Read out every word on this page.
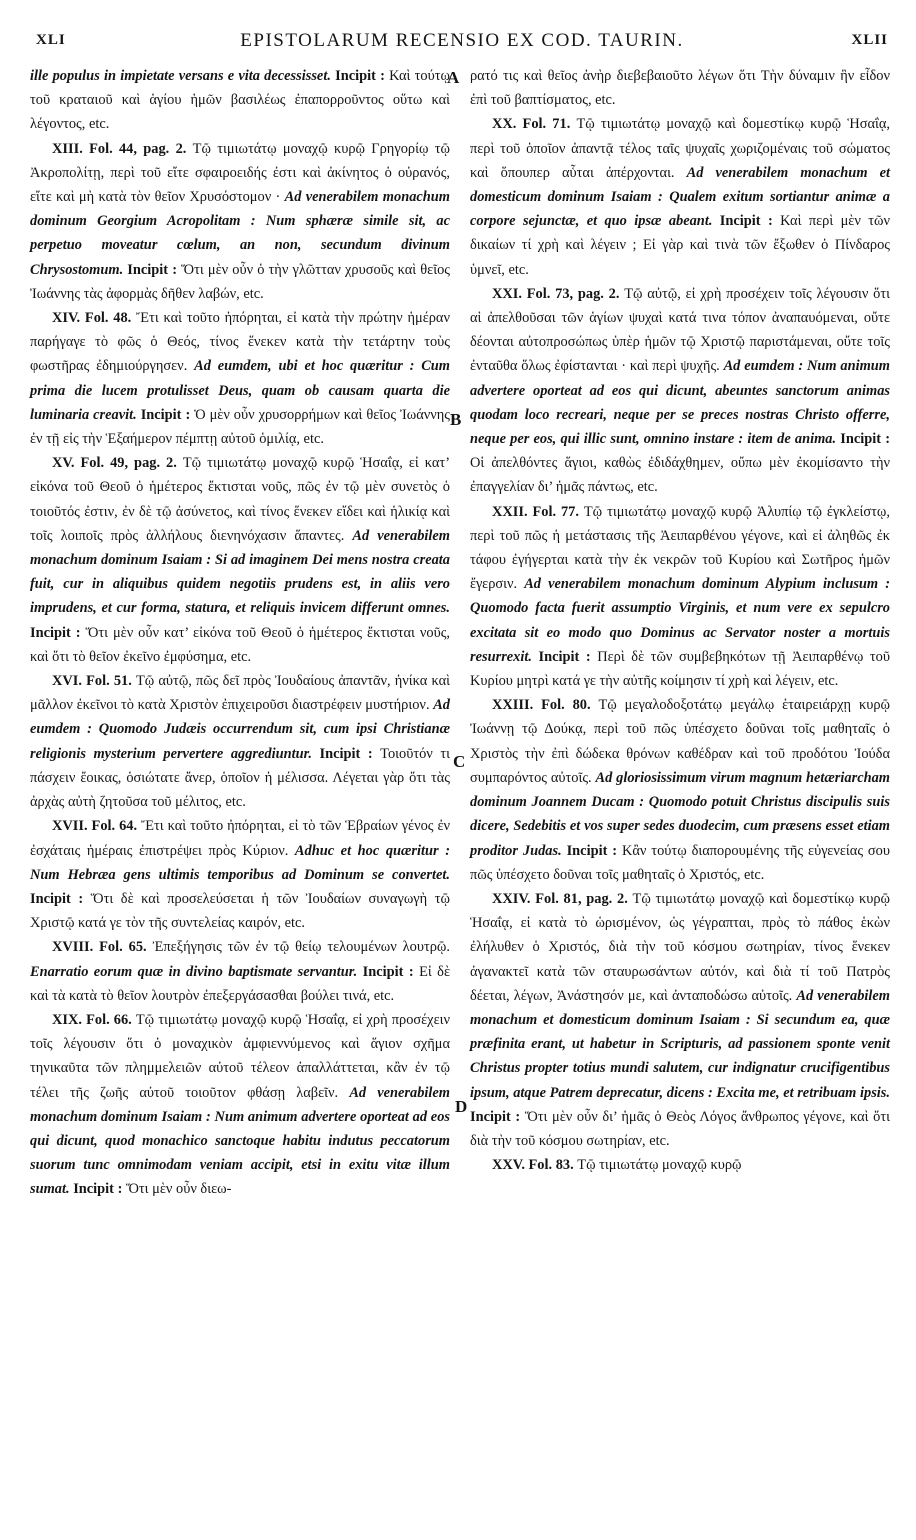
XLI	EPISTOLARUM RECENSIO EX COD. TAURIN.	XLII

ille populus in impietate versans e vita decessisset. Incipit : Καὶ τούτῳ τοῦ κραταιοῦ καὶ ἁγίου ἡμῶν βασιλέως ἐπαπορροῦντος οὕτω καὶ λέγοντος, etc.

XIII. Fol. 44, pag. 2. Τῷ τιμιωτάτῳ μοναχῷ κυρῷ Γρηγορίῳ τῷ Ἀκροπολίτῃ, περὶ τοῦ εἴτε σφαιροειδής ἐστι καὶ ἀκίνητος ὁ οὐρανός, εἴτε καὶ μὴ κατὰ τὸν θεῖον Χρυσόστομον · Ad venerabilem monachum dominum Georgium Acropolitam : Num sphæræ simile sit, ac perpetuo moveatur cœlum, an non, secundum divinum Chrysostomum. Incipit : Ὅτι μὲν οὖν ὁ τὴν γλῶτταν χρυσοῦς καὶ θεῖος Ἰωάννης τὰς ἀφορμὰς δῆθεν λαβών, etc.

XIV. Fol. 48. Ἔτι καὶ τοῦτο ἠπόρηται, εἰ κατὰ τὴν πρώτην ἡμέραν παρήγαγε τὸ φῶς ὁ Θεός, τίνος ἕνεκεν κατὰ τὴν τετάρτην τοὺς φωστῆρας ἐδημιούργησεν. Ad eumdem, ubi et hoc quæritur : Cum prima die lucem protulisset Deus, quam ob causam quarta die luminaria creavit. Incipit : Ὁ μὲν οὖν χρυσορρήμων καὶ θεῖος Ἰωάννης ἐν τῇ εἰς τὴν Ἑξαήμερον πέμπτῃ αὐτοῦ ὁμιλίᾳ, etc.

XV. Fol. 49, pag. 2. Τῷ τιμιωτάτῳ μοναχῷ κυρῷ Ἡσαΐᾳ, εἰ κατ’ εἰκόνα τοῦ Θεοῦ ὁ ἡμέτερος ἔκτισται νοῦς, πῶς ἐν τῷ μὲν συνετὸς ὁ τοιοῦτός ἐστιν, ἐν δὲ τῷ ἀσύνετος, καὶ τίνος ἕνεκεν εἴδει καὶ ἡλικίᾳ καὶ τοῖς λοιποῖς πρὸς ἀλλήλους διενηνόχασιν ἅπαντες. Ad venerabilem monachum dominum Isaiam : Si ad imaginem Dei mens nostra creata fuit, cur in aliquibus quidem negotiis prudens est, in aliis vero imprudens, et cur forma, statura, et reliquis invicem differunt omnes. Incipit : Ὅτι μὲν οὖν κατ’ εἰκόνα τοῦ Θεοῦ ὁ ἡμέτερος ἔκτισται νοῦς, καὶ ὅτι τὸ θεῖον ἐκεῖνο ἐμφύσημα, etc.

XVI. Fol. 51. Τῷ αὐτῷ, πῶς δεῖ πρὸς Ἰουδαίους ἀπαντᾶν, ἡνίκα καὶ μᾶλλον ἐκεῖνοι τὸ κατὰ Χριστὸν ἐπιχειροῦσι διαστρέφειν μυστήριον. Ad eumdem : Quomodo Judæis occurrendum sit, cum ipsi Christianæ religionis mysterium pervertere aggrediuntur. Incipit : Τοιοῦτόν τι πάσχειν ἔοικας, ὁσιώτατε ἄνερ, ὁποῖον ἡ μέλισσα. Λέγεται γὰρ ὅτι τὰς ἀρχὰς αὐτὴ ζητοῦσα τοῦ μέλιτος, etc.

XVII. Fol. 64. Ἔτι καὶ τοῦτο ἠπόρηται, εἰ τὸ τῶν Ἑβραίων γένος ἐν ἐσχάταις ἡμέραις ἐπιστρέψει πρὸς Κύριον. Adhuc et hoc quæritur : Num Hebræa gens ultimis temporibus ad Dominum se convertet. Incipit : Ὅτι δὲ καὶ προσελεύσεται ἡ τῶν Ἰουδαίων συναγωγὴ τῷ Χριστῷ κατά γε τὸν τῆς συντελείας καιρόν, etc.

XVIII. Fol. 65. Ἐπεξήγησις τῶν ἐν τῷ θείῳ τελουμένων λουτρῷ. Enarratio eorum quæ in divino baptismate servantur. Incipit : Εἰ δὲ καὶ τὰ κατὰ τὸ θεῖον λουτρὸν ἐπεξεργάσασθαι βούλει τινά, etc.

XIX. Fol. 66. Τῷ τιμιωτάτῳ μοναχῷ κυρῷ Ἡσαΐᾳ, εἰ χρὴ προσέχειν τοῖς λέγουσιν ὅτι ὁ μοναχικὸν ἀμφιεννύμενος καὶ ἅγιον σχῆμα τηνικαῦτα τῶν πλημμελειῶν αὐτοῦ τέλεον ἀπαλλάττεται, κἂν ἐν τῷ τέλει τῆς ζωῆς αὐτοῦ τοιοῦτον φθάσῃ λαβεῖν. Ad venerabilem monachum dominum Isaiam : Num animum advertere oporteat ad eos qui dicunt, quod monachico sanctoque habitu indutus peccatorum suorum tunc omnimodam veniam accipit, etsi in exitu vitæ illum sumat. Incipit : Ὅτι μὲν οὖν διεω-

ρατό τις καὶ θεῖος ἀνὴρ διεβεβαιοῦτο λέγων ὅτι Τὴν δύναμιν ἣν εἶδον ἐπὶ τοῦ βαπτίσματος, etc.

XX. Fol. 71. Τῷ τιμιωτάτῳ μοναχῷ καὶ δομεστίκῳ κυρῷ Ἡσαΐᾳ, περὶ τοῦ ὁποῖον ἀπαντᾷ τέλος ταῖς ψυχαῖς χωριζομέναις τοῦ σώματος καὶ ὅπουπερ αὗται ἀπέρχονται. Ad venerabilem monachum et domesticum dominum Isaiam : Qualem exitum sortiantur animæ a corpore sejunctæ, et quo ipsæ abeant. Incipit : Καὶ περὶ μὲν τῶν δικαίων τί χρὴ καὶ λέγειν ; Εἰ γὰρ καὶ τινὰ τῶν ἔξωθεν ὁ Πίνδαρος ὑμνεῖ, etc.

XXI. Fol. 73, pag. 2. Τῷ αὐτῷ, εἰ χρὴ προσέχειν τοῖς λέγουσιν ὅτι αἱ ἀπελθοῦσαι τῶν ἁγίων ψυχαὶ κατά τινα τόπον ἀναπαυόμεναι, οὔτε δέονται αὐτοπροσώπως ὑπὲρ ἡμῶν τῷ Χριστῷ παριστάμεναι, οὔτε τοῖς ἐνταῦθα ὅλως ἐφίστανται · καὶ περὶ ψυχῆς. Ad eumdem : Num animum advertere oporteat ad eos qui dicunt, abeuntes sanctorum animas quodam loco recreari, neque per se preces nostras Christo offerre, neque per eos, qui illic sunt, omnino instare : item de anima. Incipit : Οἱ ἀπελθόντες ἅγιοι, καθὼς ἐδιδάχθημεν, οὔπω μὲν ἐκομίσαντο τὴν ἐπαγγελίαν δι’ ἡμᾶς πάντως, etc.

XXII. Fol. 77. Τῷ τιμιωτάτῳ μοναχῷ κυρῷ Ἀλυπίῳ τῷ ἐγκλείστῳ, περὶ τοῦ πῶς ἡ μετάστασις τῆς Ἀειπαρθένου γέγονε, καὶ εἰ ἀληθῶς ἐκ τάφου ἐγήγερται κατὰ τὴν ἐκ νεκρῶν τοῦ Κυρίου καὶ Σωτῆρος ἡμῶν ἔγερσιν. Ad venerabilem monachum dominum Alypium inclusum : Quomodo facta fuerit assumptio Virginis, et num vere ex sepulcro excitata sit eo modo quo Dominus ac Servator noster a mortuis resurrexit. Incipit : Περὶ δὲ τῶν συμβεβηκότων τῇ Ἀειπαρθένῳ τοῦ Κυρίου μητρὶ κατά γε τὴν αὐτῆς κοίμησιν τί χρὴ καὶ λέγειν, etc.

XXIII. Fol. 80. Τῷ μεγαλοδοξοτάτῳ μεγάλῳ ἑταιρειάρχῃ κυρῷ Ἰωάννῃ τῷ Δούκᾳ, περὶ τοῦ πῶς ὑπέσχετο δοῦναι τοῖς μαθηταῖς ὁ Χριστὸς τὴν ἐπὶ δώδεκα θρόνων καθέδραν καὶ τοῦ προδότου Ἰούδα συμπαρόντος αὐτοῖς. Ad gloriosissimum virum magnum hetæriarcham dominum Joannem Ducam : Quomodo potuit Christus discipulis suis dicere, Sedebitis et vos super sedes duodecim, cum præsens esset etiam proditor Judas. Incipit : Κἂν τούτῳ διαπορουμένης τῆς εὐγενείας σου πῶς ὑπέσχετο δοῦναι τοῖς μαθηταῖς ὁ Χριστός, etc.

XXIV. Fol. 81, pag. 2. Τῷ τιμιωτάτῳ μοναχῷ καὶ δομεστίκῳ κυρῷ Ἡσαΐᾳ, εἰ κατὰ τὸ ὡρισμένον, ὡς γέγραπται, πρὸς τὸ πάθος ἑκὼν ἐλήλυθεν ὁ Χριστός, διὰ τὴν τοῦ κόσμου σωτηρίαν, τίνος ἕνεκεν ἀγανακτεῖ κατὰ τῶν σταυρωσάντων αὐτόν, καὶ διὰ τί τοῦ Πατρὸς δέεται, λέγων, Ἀνάστησόν με, καὶ ἀνταποδώσω αὐτοῖς. Ad venerabilem monachum et domesticum dominum Isaiam : Si secundum ea, quæ præfinita erant, ut habetur in Scripturis, ad passionem sponte venit Christus propter totius mundi salutem, cur indignatur crucifigentibus ipsum, atque Patrem deprecatur, dicens : Excita me, et retribuam ipsis. Incipit : Ὅτι μὲν οὖν δι’ ἡμᾶς ὁ Θεὸς Λόγος ἄνθρωπος γέγονε, καὶ ὅτι διὰ τὴν τοῦ κόσμου σωτηρίαν, etc.

XXV. Fol. 83. Τῷ τιμιωτάτῳ μοναχῷ κυρῷ

A
B
C
D
